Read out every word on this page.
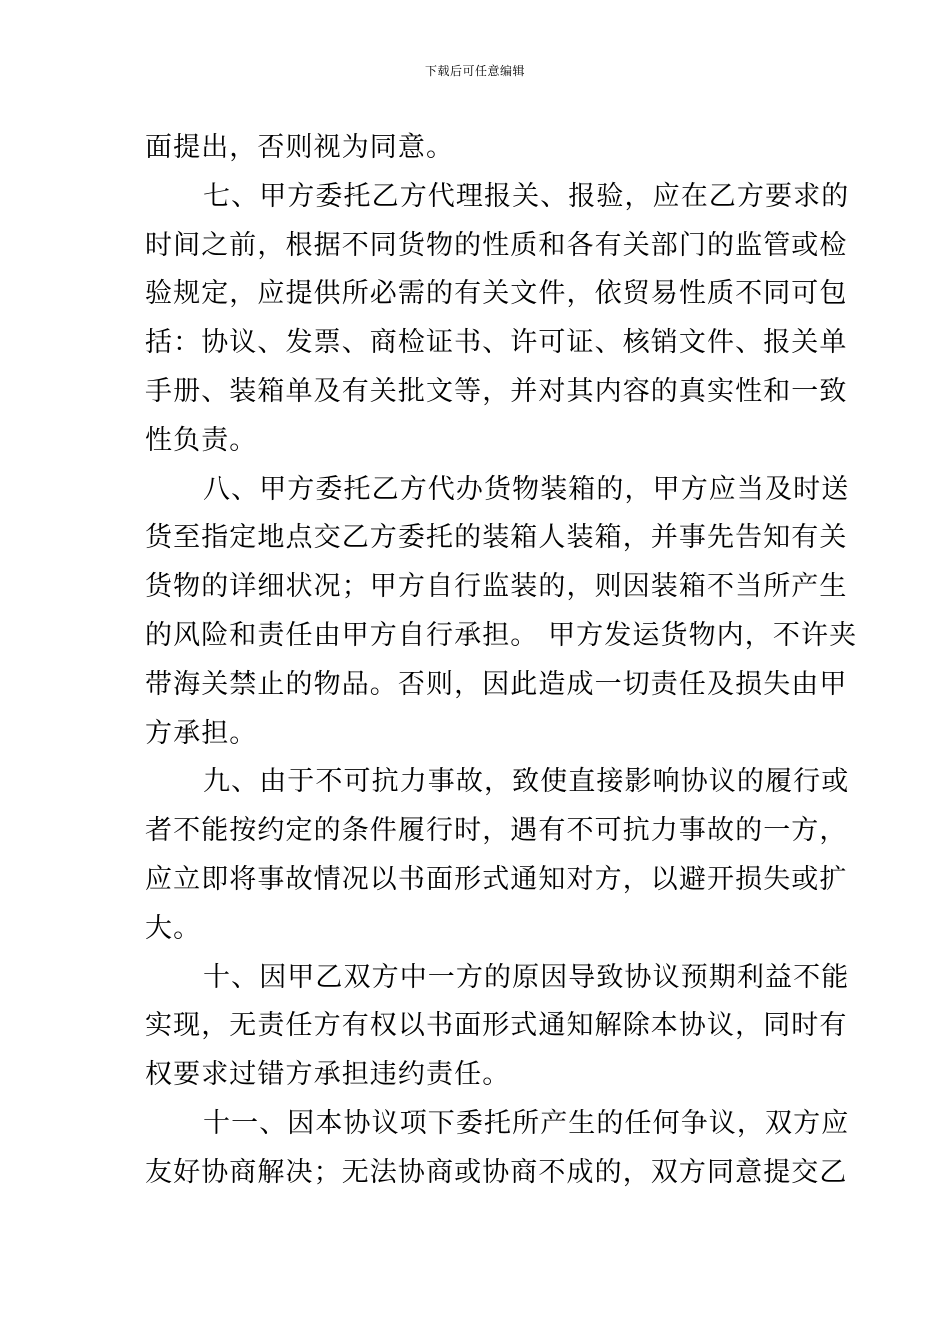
下载后可任意编辑
面提出，否则视为同意。
七、甲方委托乙方代理报关、报验，应在乙方要求的
时间之前，根据不同货物的性质和各有关部门的监管或检
验规定，应提供所必需的有关文件，依贸易性质不同可包
括：协议、发票、商检证书、许可证、核销文件、报关单
手册、装箱单及有关批文等，并对其内容的真实性和一致
性负责。
八、甲方委托乙方代办货物装箱的，甲方应当及时送
货至指定地点交乙方委托的装箱人装箱，并事先告知有关
货物的详细状况；甲方自行监装的，则因装箱不当所产生
的风险和责任由甲方自行承担。 甲方发运货物内，不许夹
带海关禁止的物品。否则，因此造成一切责任及损失由甲
方承担。
九、由于不可抗力事故，致使直接影响协议的履行或
者不能按约定的条件履行时，遇有不可抗力事故的一方，
应立即将事故情况以书面形式通知对方，以避开损失或扩
大。
十、因甲乙双方中一方的原因导致协议预期利益不能
实现，无责任方有权以书面形式通知解除本协议，同时有
权要求过错方承担违约责任。
十一、因本协议项下委托所产生的任何争议，双方应
友好协商解决；无法协商或协商不成的，双方同意提交乙
